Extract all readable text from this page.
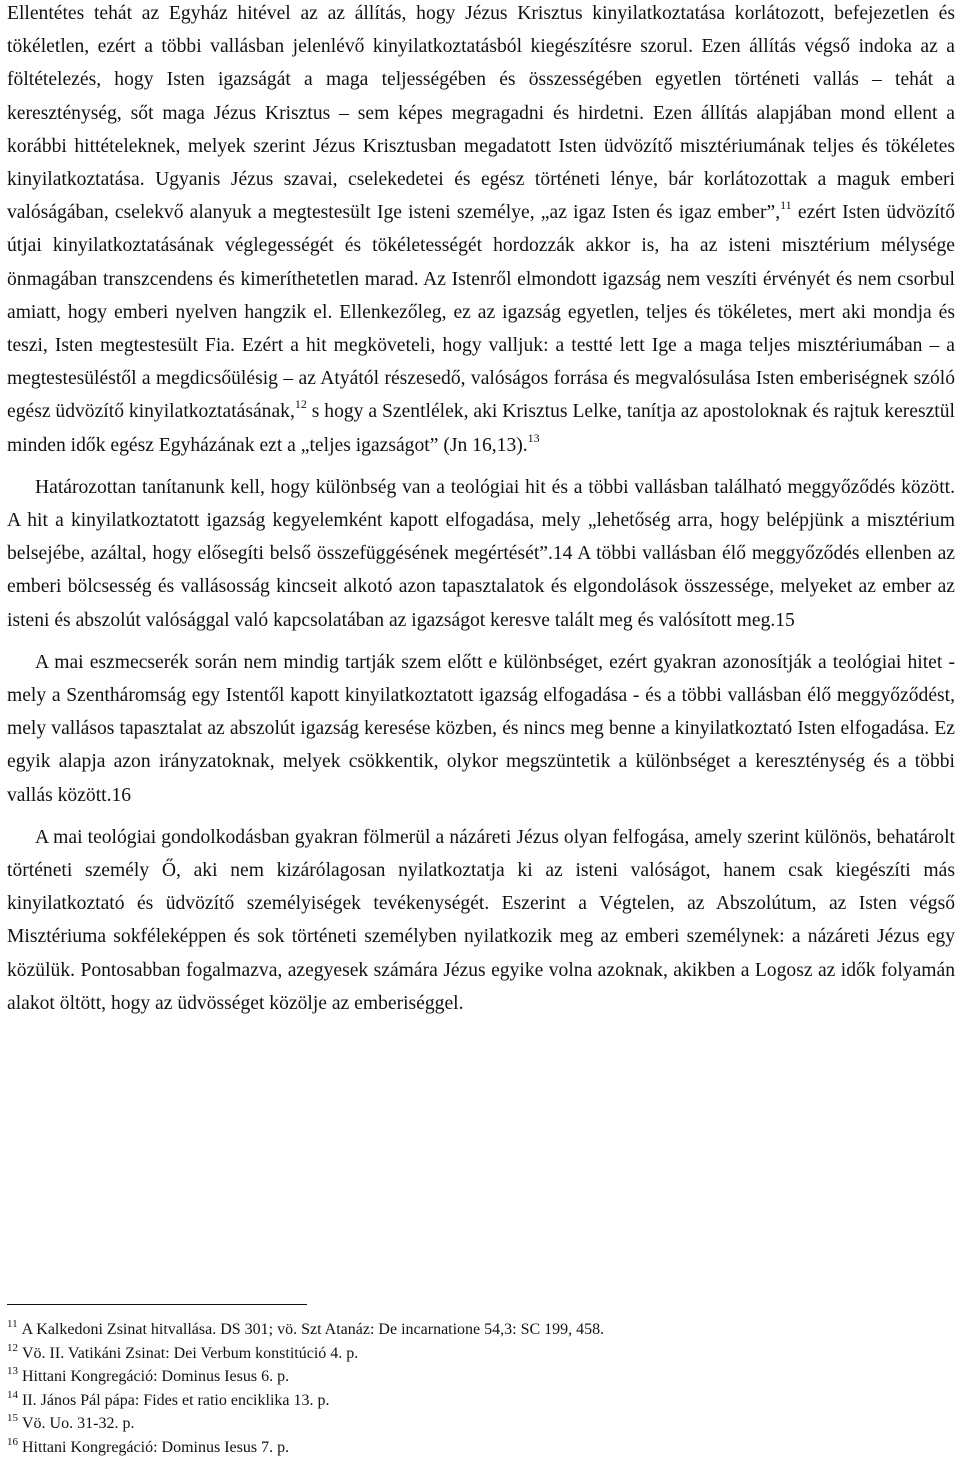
Ellentétes tehát az Egyház hitével az az állítás, hogy Jézus Krisztus kinyilatkoztatása korlátozott, befejezetlen és tökéletlen, ezért a többi vallásban jelenlévő kinyilatkoztatásból kiegészítésre szorul. Ezen állítás végső indoka az a föltételezés, hogy Isten igazságát a maga teljességében és összességében egyetlen történeti vallás – tehát a kereszténység, sőt maga Jézus Krisztus – sem képes megragadni és hirdetni. Ezen állítás alapjában mond ellent a korábbi hittételeknek, melyek szerint Jézus Krisztusban megadatott Isten üdvözítő misztériumának teljes és tökéletes kinyilatkoztatása. Ugyanis Jézus szavai, cselekedetei és egész történeti lénye, bár korlátozottak a maguk emberi valóságában, cselekvő alanyuk a megtestesült Ige isteni személye, „az igaz Isten és igaz ember”,$^{11}$ ezért Isten üdvözítő útjai kinyilatkoztatásának véglegességét és tökéletességét hordozzák akkor is, ha az isteni misztérium mélysége önmagában transzcendens és kimeríthetetlen marad. Az Istenről elmondott igazság nem veszíti érvényét és nem csorbul amiatt, hogy emberi nyelven hangzik el. Ellenkezőleg, ez az igazság egyetlen, teljes és tökéletes, mert aki mondja és teszi, Isten megtestesült Fia. Ezért a hit megköveteli, hogy valljuk: a testté lett Ige a maga teljes misztériumában – a megtestesüléstől a megdicsőülésig – az Atyától részesedő, valóságos forrása és megvalósulása Isten emberiségnek szóló egész üdvözítő kinyilatkoztatásának,$^{12}$ s hogy a Szentlélek, aki Krisztus Lelke, tanítja az apostoloknak és rajtuk keresztül minden idők egész Egyházának ezt a „teljes igazságot” (Jn 16,13).$^{13}$

Határozottan tanítanunk kell, hogy különbség van a teológiai hit és a többi vallásban található meggyőződés között. A hit a kinyilatkoztatott igazság kegyelemként kapott elfogadása, mely „lehetőség arra, hogy belépjünk a misztérium belsejébe, azáltal, hogy elősegíti belső összefüggésének megértését”.14 A többi vallásban élő meggyőződés ellenben az emberi bölcsesség és vallásosság kincseit alkotó azon tapasztalatok és elgondolások összessége, melyeket az ember az isteni és abszolút valósággal való kapcsolatában az igazságot keresve talált meg és valósított meg.15

A mai eszmecserék során nem mindig tartják szem előtt e különbséget, ezért gyakran azonosítják a teológiai hitet - mely a Szentháromság egy Istentől kapott kinyilatkoztatott igazság elfogadása - és a többi vallásban élő meggyőződést, mely vallásos tapasztalat az abszolút igazság keresése közben, és nincs meg benne a kinyilatkoztató Isten elfogadása. Ez egyik alapja azon irányzatoknak, melyek csökkentik, olykor megszüntetik a különbséget a kereszténység és a többi vallás között.16

A mai teológiai gondolkodásban gyakran fölmerül a názáreti Jézus olyan felfogása, amely szerint különös, behatárolt történeti személy Ő, aki nem kizárólagosan nyilatkoztatja ki az isteni valóságot, hanem csak kiegészíti más kinyilatkoztató és üdvözítő személyiségek tevékenységét. Eszerint a Végtelen, az Abszolútum, az Isten végső Misztériuma sokféleképpen és sok történeti személyben nyilatkozik meg az emberi személynek: a názáreti Jézus egy közülük. Pontosabban fogalmazva, azegyesek számára Jézus egyike volna azoknak, akikben a Logosz az idők folyamán alakot öltött, hogy az üdvösséget közölje az emberiséggel.

$^{11}$ A Kalkedoni Zsinat hitvallása. DS 301; vö. Szt Atanáz: De incarnatione 54,3: SC 199, 458.

$^{12}$ Vö. II. Vatikáni Zsinat: Dei Verbum konstitúció 4. p.

$^{13}$ Hittani Kongregáció: Dominus Iesus 6. p.

$^{14}$ II. János Pál pápa: Fides et ratio enciklika 13. p.

$^{15}$ Vö. Uo. 31-32. p.

$^{16}$ Hittani Kongregáció: Dominus Iesus 7. p.
